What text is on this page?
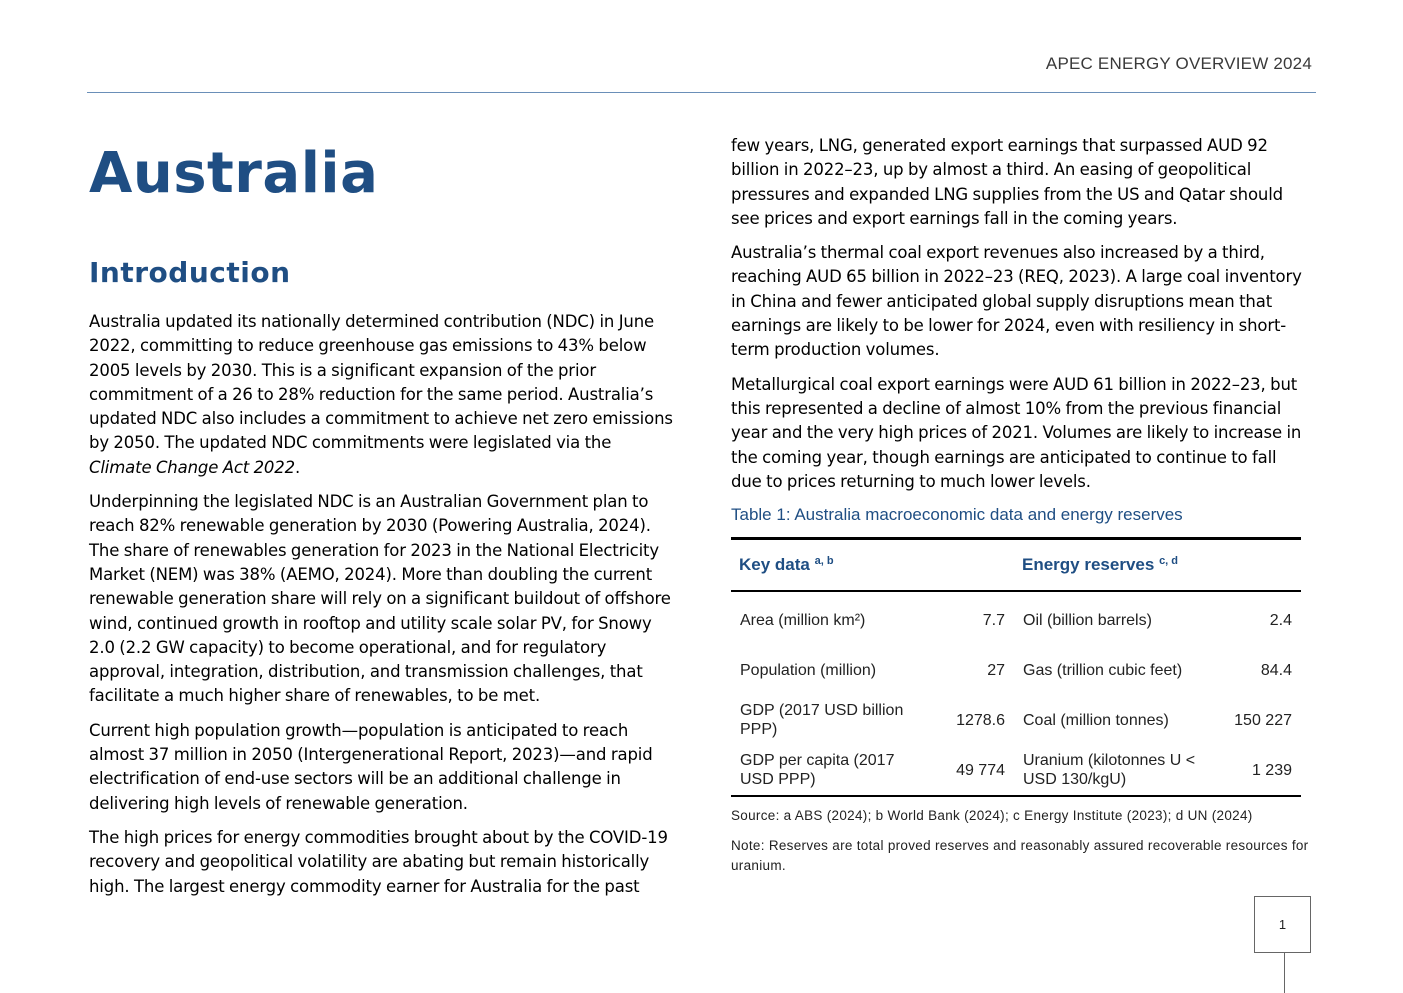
APEC ENERGY OVERVIEW 2024
Australia
Introduction

Australia updated its nationally determined contribution (NDC) in June 2022, committing to reduce greenhouse gas emissions to 43% below 2005 levels by 2030. This is a significant expansion of the prior commitment of a 26 to 28% reduction for the same period. Australia’s updated NDC also includes a commitment to achieve net zero emissions by 2050. The updated NDC commitments were legislated via the Climate Change Act 2022.

Underpinning the legislated NDC is an Australian Government plan to reach 82% renewable generation by 2030 (Powering Australia, 2024). The share of renewables generation for 2023 in the National Electricity Market (NEM) was 38% (AEMO, 2024). More than doubling the current renewable generation share will rely on a significant buildout of offshore wind, continued growth in rooftop and utility scale solar PV, for Snowy 2.0 (2.2 GW capacity) to become operational, and for regulatory approval, integration, distribution, and transmission challenges, that facilitate a much higher share of renewables, to be met.

Current high population growth—population is anticipated to reach almost 37 million in 2050 (Intergenerational Report, 2023)—and rapid electrification of end-use sectors will be an additional challenge in delivering high levels of renewable generation.

The high prices for energy commodities brought about by the COVID-19 recovery and geopolitical volatility are abating but remain historically high. The largest energy commodity earner for Australia for the past

few years, LNG, generated export earnings that surpassed AUD 92 billion in 2022–23, up by almost a third. An easing of geopolitical pressures and expanded LNG supplies from the US and Qatar should see prices and export earnings fall in the coming years.

Australia’s thermal coal export revenues also increased by a third, reaching AUD 65 billion in 2022–23 (REQ, 2023). A large coal inventory in China and fewer anticipated global supply disruptions mean that earnings are likely to be lower for 2024, even with resiliency in short-term production volumes.

Metallurgical coal export earnings were AUD 61 billion in 2022–23, but this represented a decline of almost 10% from the previous financial year and the very high prices of 2021. Volumes are likely to increase in the coming year, though earnings are anticipated to continue to fall due to prices returning to much lower levels.

Table 1: Australia macroeconomic data and energy reserves

Key data $^{a, b}$		Energy reserves $^{c, d}$
Area (million km²)	7.7	Oil (billion barrels)	2.4
Population (million)	27	Gas (trillion cubic feet)	84.4
GDP (2017 USD billion PPP)	1278.6	Coal (million tonnes)	150 227
GDP per capita (2017 USD PPP)	49 774	Uranium (kilotonnes U < USD 130/kgU)	1 239

Source: a ABS (2024); b World Bank (2024); c Energy Institute (2023); d UN (2024)

Note: Reserves are total proved reserves and reasonably assured recoverable resources for uranium.

1
